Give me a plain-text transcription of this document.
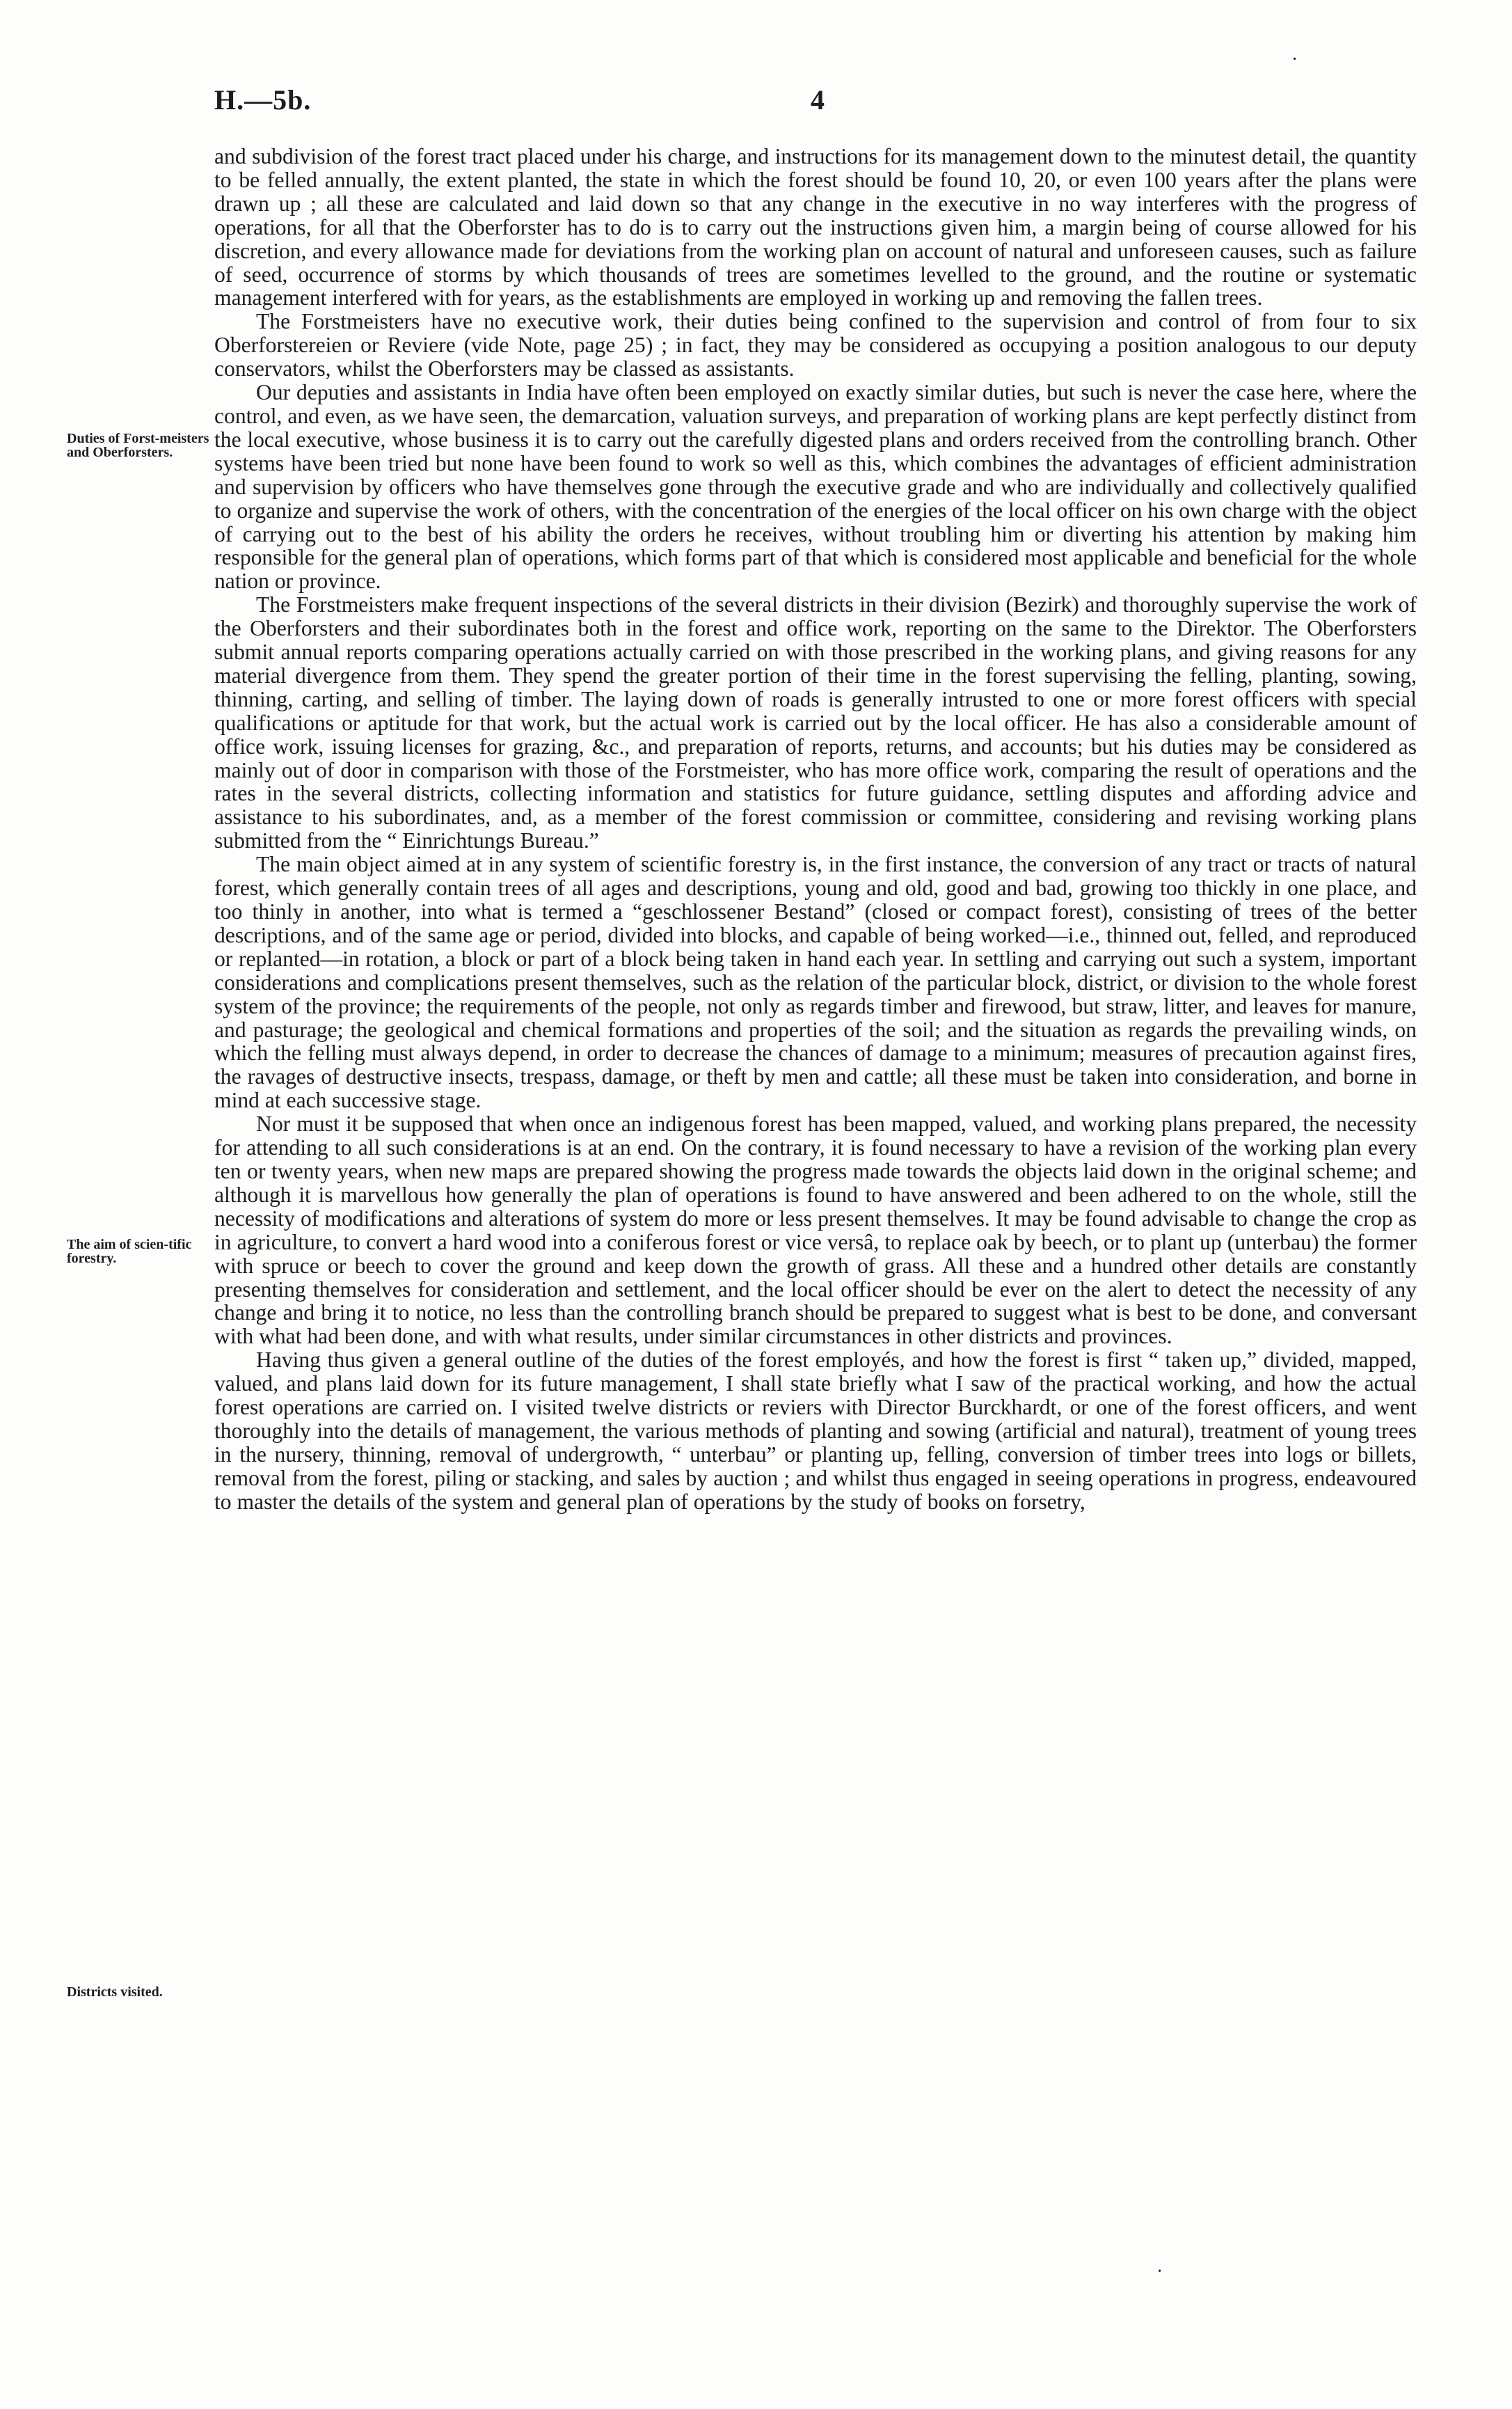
H.—5b.	4
Duties of Forst-meisters and Oberforsters.
The aim of scien-tific forestry.
Districts visited.

and subdivision of the forest tract placed under his charge, and instructions for its management down to the minutest detail, the quantity to be felled annually, the extent planted, the state in which the forest should be found 10, 20, or even 100 years after the plans were drawn up ; all these are calculated and laid down so that any change in the executive in no way interferes with the progress of operations, for all that the Oberforster has to do is to carry out the instructions given him, a margin being of course allowed for his discretion, and every allowance made for deviations from the working plan on account of natural and unforeseen causes, such as failure of seed, occurrence of storms by which thousands of trees are sometimes levelled to the ground, and the routine or systematic management interfered with for years, as the establishments are employed in working up and removing the fallen trees.

The Forstmeisters have no executive work, their duties being confined to the supervision and control of from four to six Oberforstereien or Reviere (vide Note, page 25) ; in fact, they may be considered as occupying a position analogous to our deputy conservators, whilst the Oberforsters may be classed as assistants.

Our deputies and assistants in India have often been employed on exactly similar duties, but such is never the case here, where the control, and even, as we have seen, the demarcation, valuation surveys, and preparation of working plans are kept perfectly distinct from the local executive, whose business it is to carry out the carefully digested plans and orders received from the controlling branch. Other systems have been tried but none have been found to work so well as this, which combines the advantages of efficient administration and supervision by officers who have themselves gone through the executive grade and who are individually and collectively qualified to organize and supervise the work of others, with the concentration of the energies of the local officer on his own charge with the object of carrying out to the best of his ability the orders he receives, without troubling him or diverting his attention by making him responsible for the general plan of operations, which forms part of that which is considered most applicable and beneficial for the whole nation or province.

The Forstmeisters make frequent inspections of the several districts in their division (Bezirk) and thoroughly supervise the work of the Oberforsters and their subordinates both in the forest and office work, reporting on the same to the Direktor. The Oberforsters submit annual reports comparing operations actually carried on with those prescribed in the working plans, and giving reasons for any material divergence from them. They spend the greater portion of their time in the forest supervising the felling, planting, sowing, thinning, carting, and selling of timber. The laying down of roads is generally intrusted to one or more forest officers with special qualifications or aptitude for that work, but the actual work is carried out by the local officer. He has also a considerable amount of office work, issuing licenses for grazing, &c., and preparation of reports, returns, and accounts; but his duties may be considered as mainly out of door in comparison with those of the Forstmeister, who has more office work, comparing the result of operations and the rates in the several districts, collecting information and statistics for future guidance, settling disputes and affording advice and assistance to his subordinates, and, as a member of the forest commission or committee, considering and revising working plans submitted from the “ Einrichtungs Bureau.”

The main object aimed at in any system of scientific forestry is, in the first instance, the conversion of any tract or tracts of natural forest, which generally contain trees of all ages and descriptions, young and old, good and bad, growing too thickly in one place, and too thinly in another, into what is termed a “geschlossener Bestand” (closed or compact forest), consisting of trees of the better descriptions, and of the same age or period, divided into blocks, and capable of being worked—i.e., thinned out, felled, and reproduced or replanted—in rotation, a block or part of a block being taken in hand each year. In settling and carrying out such a system, important considerations and complications present themselves, such as the relation of the particular block, district, or division to the whole forest system of the province; the requirements of the people, not only as regards timber and firewood, but straw, litter, and leaves for manure, and pasturage; the geological and chemical formations and properties of the soil; and the situation as regards the prevailing winds, on which the felling must always depend, in order to decrease the chances of damage to a minimum; measures of precaution against fires, the ravages of destructive insects, trespass, damage, or theft by men and cattle; all these must be taken into consideration, and borne in mind at each successive stage.

Nor must it be supposed that when once an indigenous forest has been mapped, valued, and working plans prepared, the necessity for attending to all such considerations is at an end. On the contrary, it is found necessary to have a revision of the working plan every ten or twenty years, when new maps are prepared showing the progress made towards the objects laid down in the original scheme; and although it is marvellous how generally the plan of operations is found to have answered and been adhered to on the whole, still the necessity of modifications and alterations of system do more or less present themselves. It may be found advisable to change the crop as in agriculture, to convert a hard wood into a coniferous forest or vice versâ, to replace oak by beech, or to plant up (unterbau) the former with spruce or beech to cover the ground and keep down the growth of grass. All these and a hundred other details are constantly presenting themselves for consideration and settlement, and the local officer should be ever on the alert to detect the necessity of any change and bring it to notice, no less than the controlling branch should be prepared to suggest what is best to be done, and conversant with what had been done, and with what results, under similar circumstances in other districts and provinces.

Having thus given a general outline of the duties of the forest employés, and how the forest is first “ taken up,” divided, mapped, valued, and plans laid down for its future management, I shall state briefly what I saw of the practical working, and how the actual forest operations are carried on. I visited twelve districts or reviers with Director Burckhardt, or one of the forest officers, and went thoroughly into the details of management, the various methods of planting and sowing (artificial and natural), treatment of young trees in the nursery, thinning, removal of undergrowth, “ unterbau” or planting up, felling, conversion of timber trees into logs or billets, removal from the forest, piling or stacking, and sales by auction ; and whilst thus engaged in seeing operations in progress, endeavoured to master the details of the system and general plan of operations by the study of books on forsetry,

·
·
